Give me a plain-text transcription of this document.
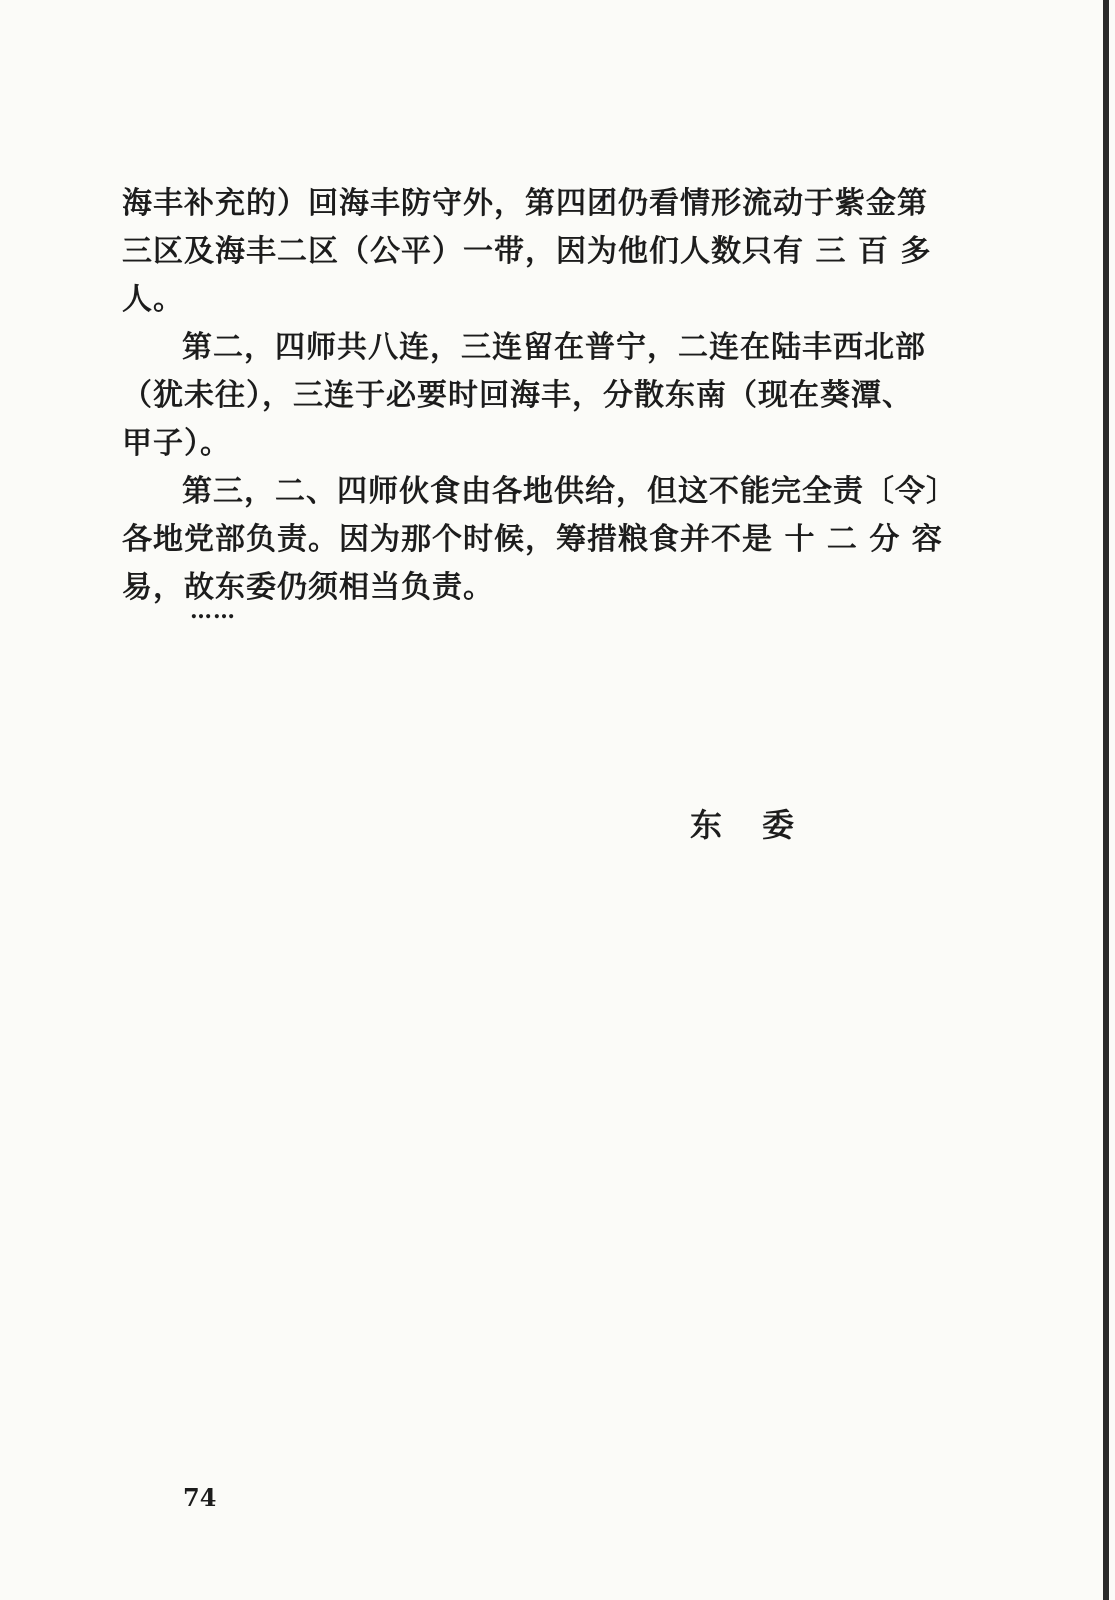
海丰补充的）回海丰防守外，第四团仍看情形流动于紫金第
三区及海丰二区（公平）一带，因为他们人数只有 三 百 多
人。
第二，四师共八连，三连留在普宁，二连在陆丰西北部
（犹未往），三连于必要时回海丰，分散东南（现在葵潭、
甲子）。
第三，二、四师伙食由各地供给，但这不能完全责〔令〕
各地党部负责。因为那个时候，筹措粮食并不是 十 二 分 容
易，故东委仍须相当负责。
……
东委
74
